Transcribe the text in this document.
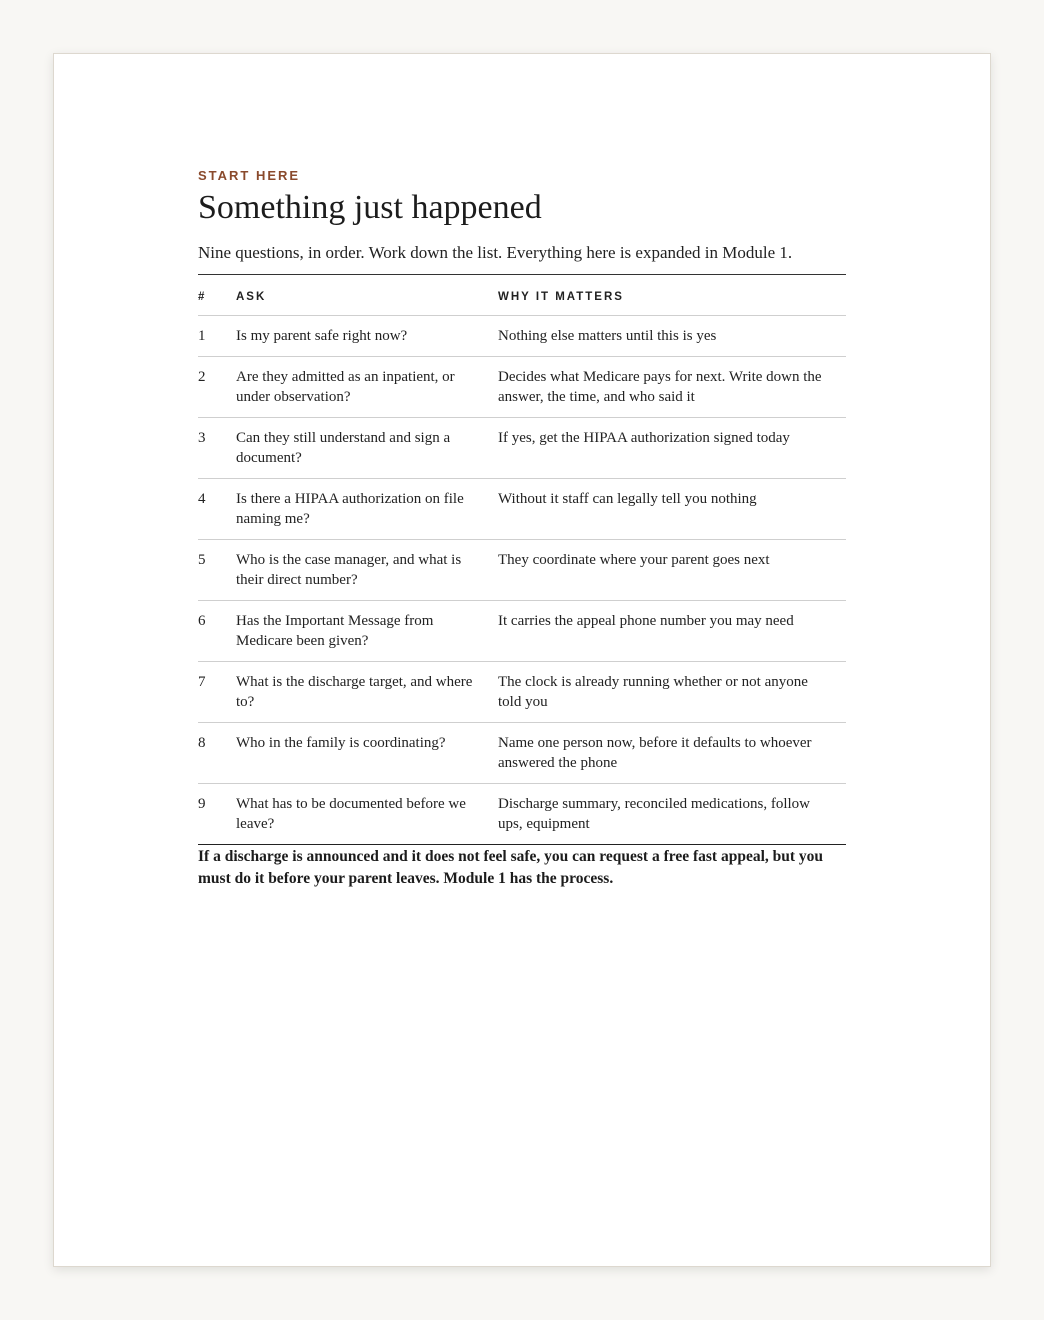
START HERE

Something just happened

Nine questions, in order. Work down the list. Everything here is expanded in Module 1.

#	ASK	WHY IT MATTERS
1	Is my parent safe right now?	Nothing else matters until this is yes
2	Are they admitted as an inpatient, or under observation?	Decides what Medicare pays for next. Write down the answer, the time, and who said it
3	Can they still understand and sign a document?	If yes, get the HIPAA authorization signed today
4	Is there a HIPAA authorization on file naming me?	Without it staff can legally tell you nothing
5	Who is the case manager, and what is their direct number?	They coordinate where your parent goes next
6	Has the Important Message from Medicare been given?	It carries the appeal phone number you may need
7	What is the discharge target, and where to?	The clock is already running whether or not anyone told you
8	Who in the family is coordinating?	Name one person now, before it defaults to whoever answered the phone
9	What has to be documented before we leave?	Discharge summary, reconciled medications, follow ups, equipment

If a discharge is announced and it does not feel safe, you can request a free fast appeal, but you must do it before your parent leaves. Module 1 has the process.
